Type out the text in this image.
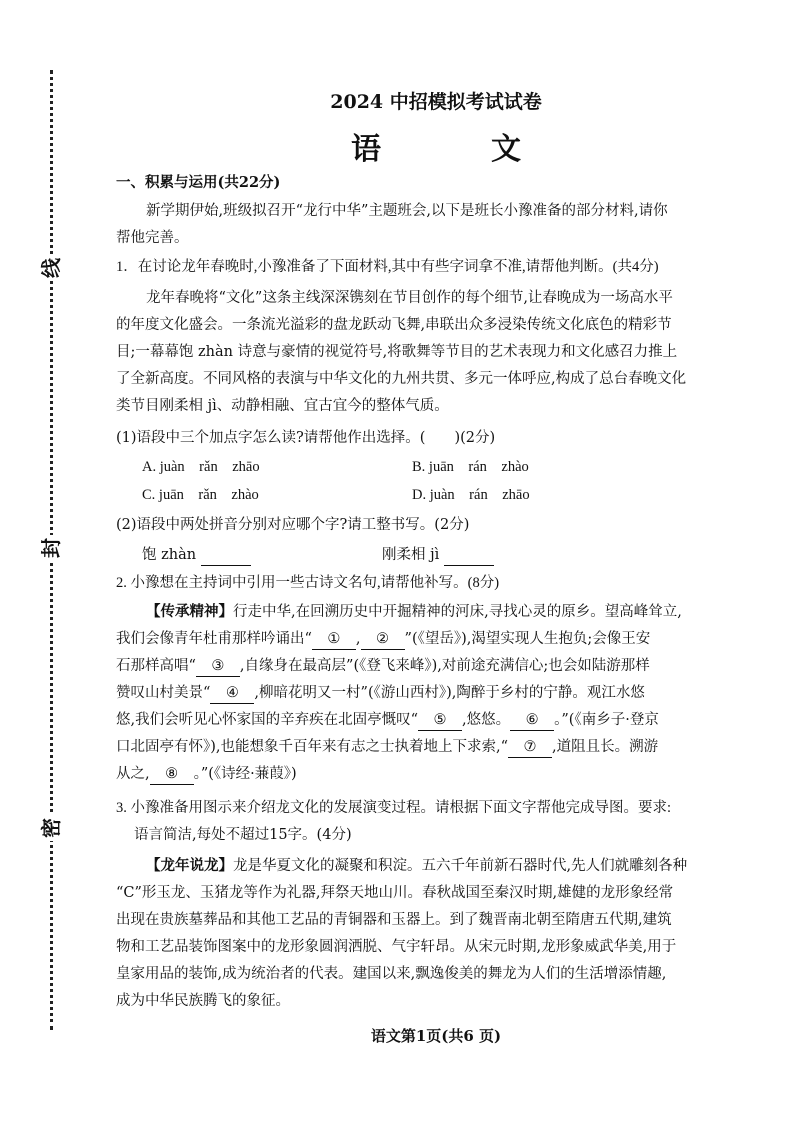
线
封
密
2024 中招模拟考试试卷
语　文
一、积累与运用(共22分)
新学期伊始,班级拟召开“龙行中华”主题班会,以下是班长小豫准备的部分材料,请你
帮他完善。
1．在讨论龙年春晚时,小豫准备了下面材料,其中有些字词拿不准,请帮他判断。(共4分)
龙年春晚将“文化”这条主线深深镌刻在节目创作的每个细节,让春晚成为一场高水平
的年度文化盛会。一条流光溢彩的盘龙跃动飞舞,串联出众多浸染传统文化底色的精彩节
目;一幕幕饱 zhàn 诗意与豪情的视觉符号,将歌舞等节目的艺术表现力和文化感召力推上
了全新高度。不同风格的表演与中华文化的九州共贯、多元一体呼应,构成了总台春晚文化
类节目刚柔相 jì、动静相融、宜古宜今的整体气质。
(1)语段中三个加点字怎么读?请帮他作出选择。(　　)(2分)
A. juàn　rǎn　zhāo	B. juān　rán　zhào
C. juān　rǎn　zhào	D. juàn　rán　zhāo
(2)语段中两处拼音分别对应哪个字?请工整书写。(2分)
饱 zhàn	刚柔相 jì
2. 小豫想在主持词中引用一些古诗文名句,请帮他补写。(8分)
【传承精神】行走中华,在回溯历史中开掘精神的河床,寻找心灵的原乡。望高峰耸立,
我们会像青年杜甫那样吟诵出“ ① , ② ”(《望岳》),渴望实现人生抱负;会像王安
石那样高唱“ ③ ,自缘身在最高层”(《登飞来峰》),对前途充满信心;也会如陆游那样
赞叹山村美景“ ④ ,柳暗花明又一村”(《游山西村》),陶醉于乡村的宁静。观江水悠
悠,我们会听见心怀家国的辛弃疾在北固亭慨叹“ ⑤ ,悠悠。 ⑥ 。”(《南乡子·登京
口北固亭有怀》),也能想象千百年来有志之士执着地上下求索,“ ⑦ ,道阻且长。溯游
从之, ⑧ 。”(《诗经·蒹葭》)
3. 小豫准备用图示来介绍龙文化的发展演变过程。请根据下面文字帮他完成导图。要求:
语言简洁,每处不超过15字。(4分)
【龙年说龙】龙是华夏文化的凝聚和积淀。五六千年前新石器时代,先人们就雕刻各种
“C”形玉龙、玉猪龙等作为礼器,拜祭天地山川。春秋战国至秦汉时期,雄健的龙形象经常
出现在贵族墓葬品和其他工艺品的青铜器和玉器上。到了魏晋南北朝至隋唐五代期,建筑
物和工艺品装饰图案中的龙形象圆润洒脱、气宇轩昂。从宋元时期,龙形象威武华美,用于
皇家用品的装饰,成为统治者的代表。建国以来,飘逸俊美的舞龙为人们的生活增添情趣,
成为中华民族腾飞的象征。
语文第1页(共6 页)
